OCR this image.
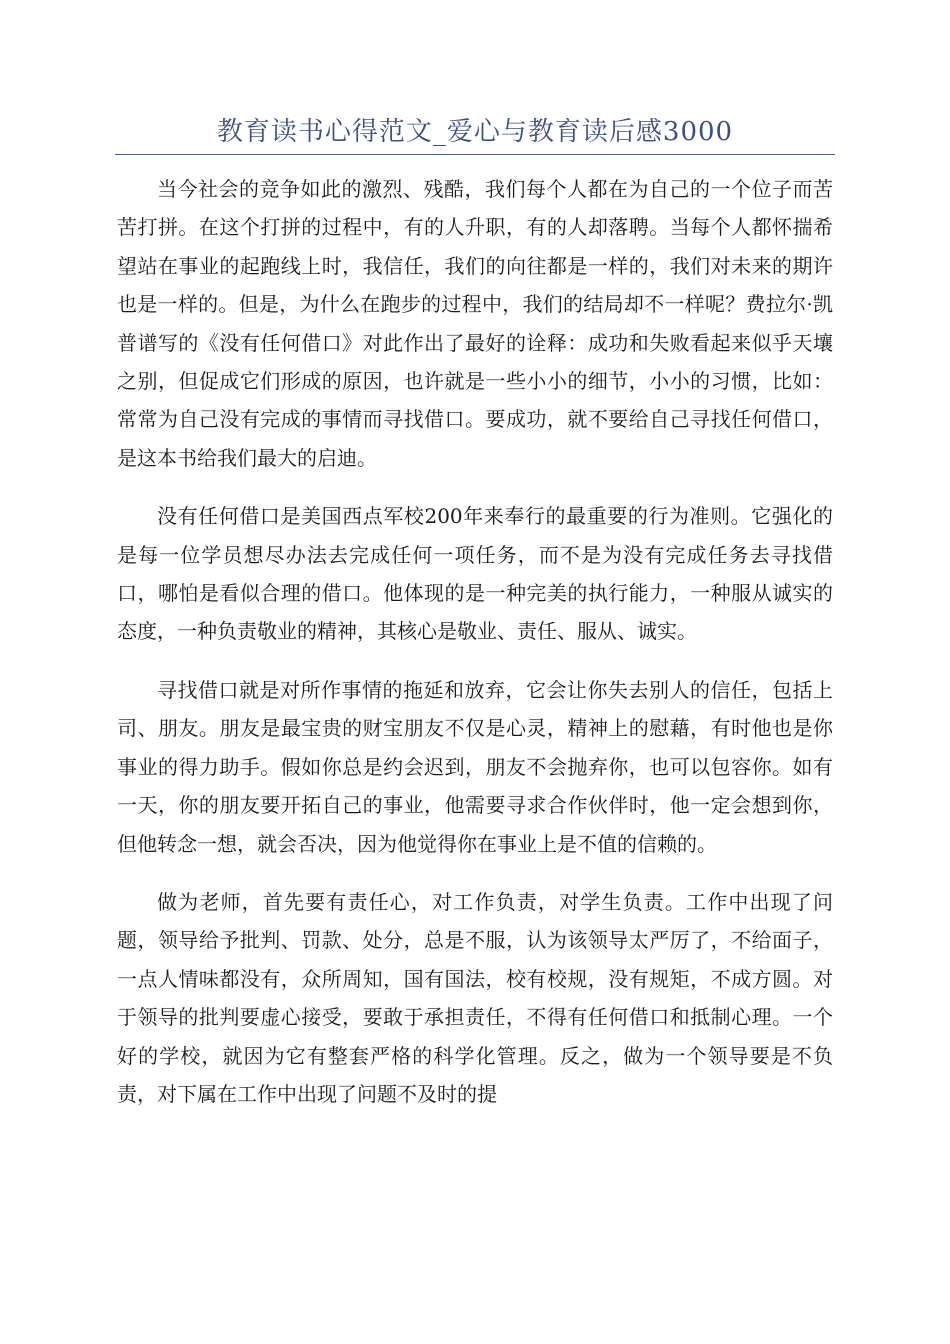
教育读书心得范文_爱心与教育读后感3000

当今社会的竞争如此的激烈、残酷，我们每个人都在为自己的一个位子而苦苦打拼。在这个打拼的过程中，有的人升职，有的人却落聘。当每个人都怀揣希望站在事业的起跑线上时，我信任，我们的向往都是一样的，我们对未来的期许也是一样的。但是，为什么在跑步的过程中，我们的结局却不一样呢？费拉尔·凯普谱写的《没有任何借口》对此作出了最好的诠释：成功和失败看起来似乎天壤之别，但促成它们形成的原因，也许就是一些小小的细节，小小的习惯，比如：常常为自己没有完成的事情而寻找借口。要成功，就不要给自己寻找任何借口，是这本书给我们最大的启迪。

没有任何借口是美国西点军校200年来奉行的最重要的行为准则。它强化的是每一位学员想尽办法去完成任何一项任务，而不是为没有完成任务去寻找借口，哪怕是看似合理的借口。他体现的是一种完美的执行能力，一种服从诚实的态度，一种负责敬业的精神，其核心是敬业、责任、服从、诚实。

寻找借口就是对所作事情的拖延和放弃，它会让你失去别人的信任，包括上司、朋友。朋友是最宝贵的财宝朋友不仅是心灵，精神上的慰藉，有时他也是你事业的得力助手。假如你总是约会迟到，朋友不会抛弃你，也可以包容你。如有一天，你的朋友要开拓自己的事业，他需要寻求合作伙伴时，他一定会想到你，但他转念一想，就会否决，因为他觉得你在事业上是不值的信赖的。

做为老师，首先要有责任心，对工作负责，对学生负责。工作中出现了问题，领导给予批判、罚款、处分，总是不服，认为该领导太严厉了，不给面子，一点人情味都没有，众所周知，国有国法，校有校规，没有规矩，不成方圆。对于领导的批判要虚心接受，要敢于承担责任，不得有任何借口和抵制心理。一个好的学校，就因为它有整套严格的科学化管理。反之，做为一个领导要是不负责，对下属在工作中出现了问题不及时的提
